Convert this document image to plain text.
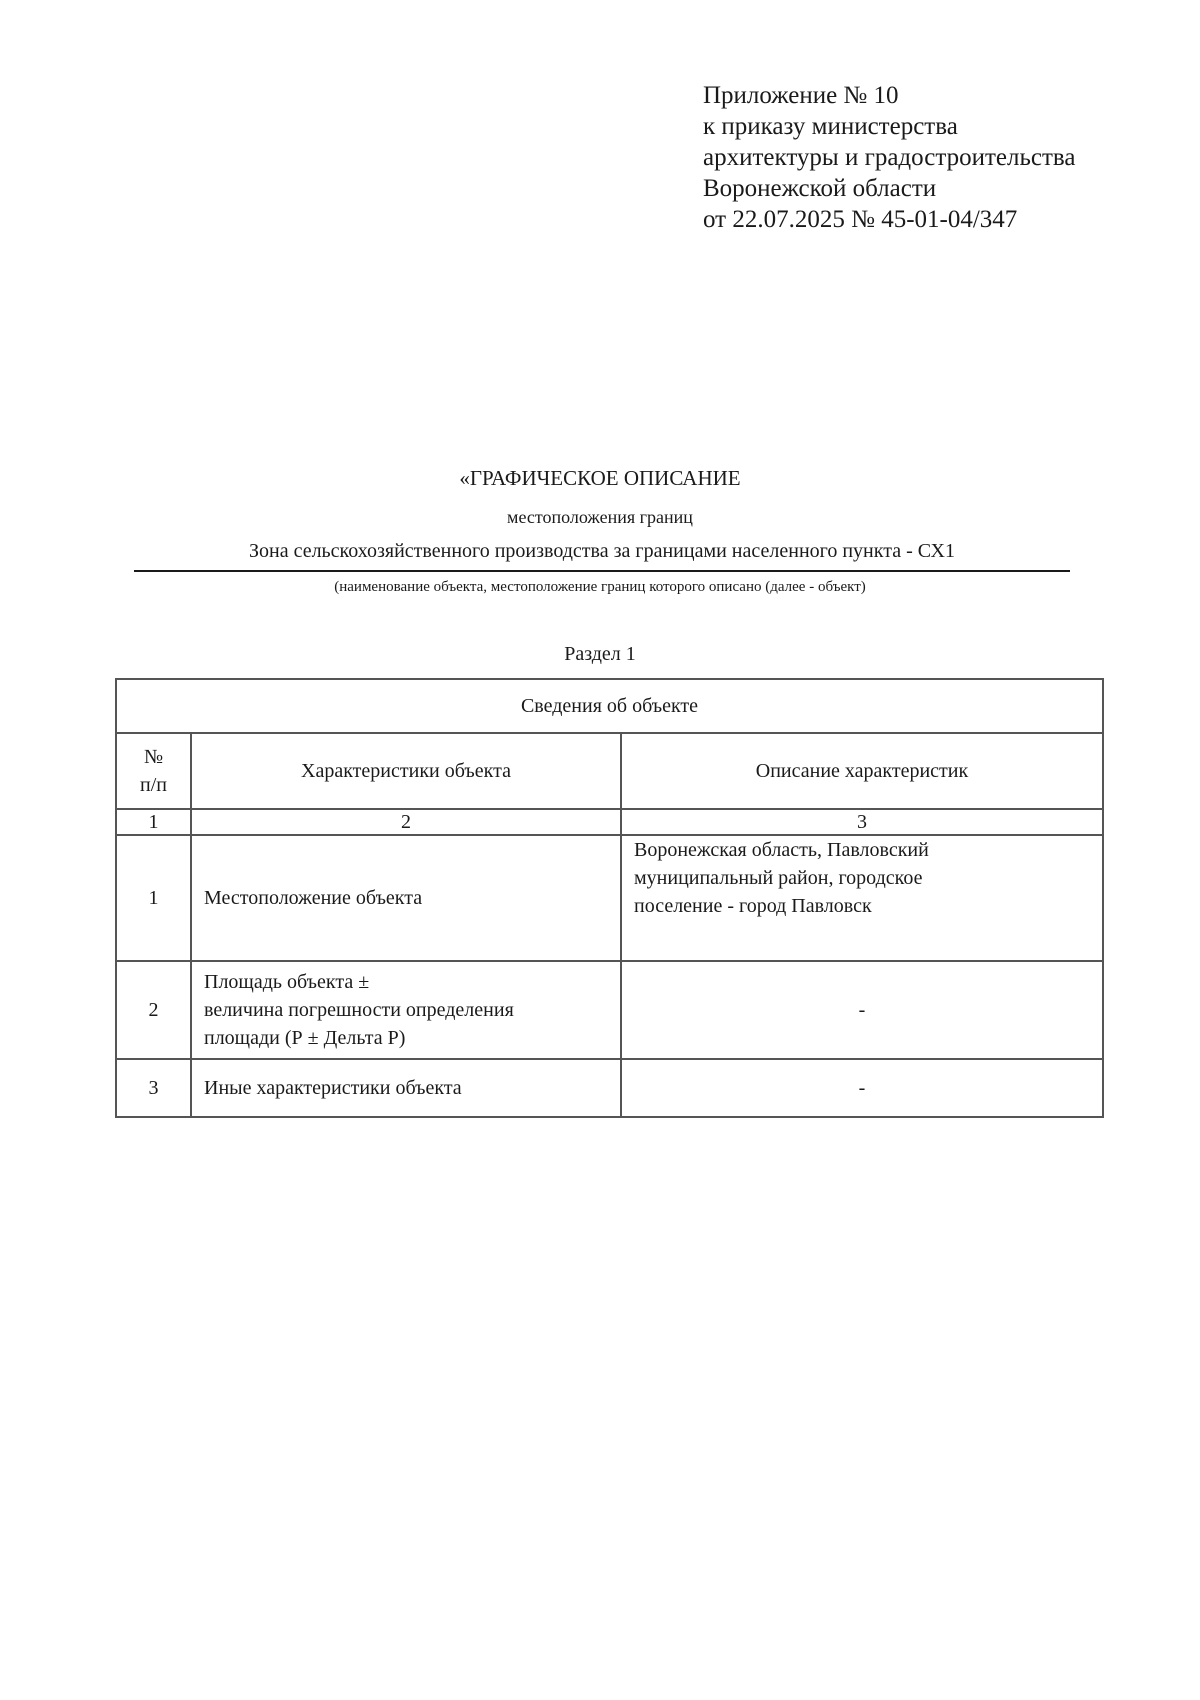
Приложение № 10
к приказу министерства
архитектуры и градостроительства
Воронежской области
от 22.07.2025 № 45-01-04/347
«ГРАФИЧЕСКОЕ ОПИСАНИЕ
местоположения границ
Зона сельскохозяйственного производства за границами населенного пункта - СХ1
(наименование объекта, местоположение границ которого описано (далее - объект)
Раздел 1
Сведения об объекте		
№
п/п	Характеристики объекта	Описание характеристик
1	2	3
1	Местоположение объекта	Воронежская область, Павловский
муниципальный район, городское
поселение - город Павловск
2	Площадь объекта ±
величина погрешности определения
площади (Р ± Дельта Р)	-
3	Иные характеристики объекта	-
